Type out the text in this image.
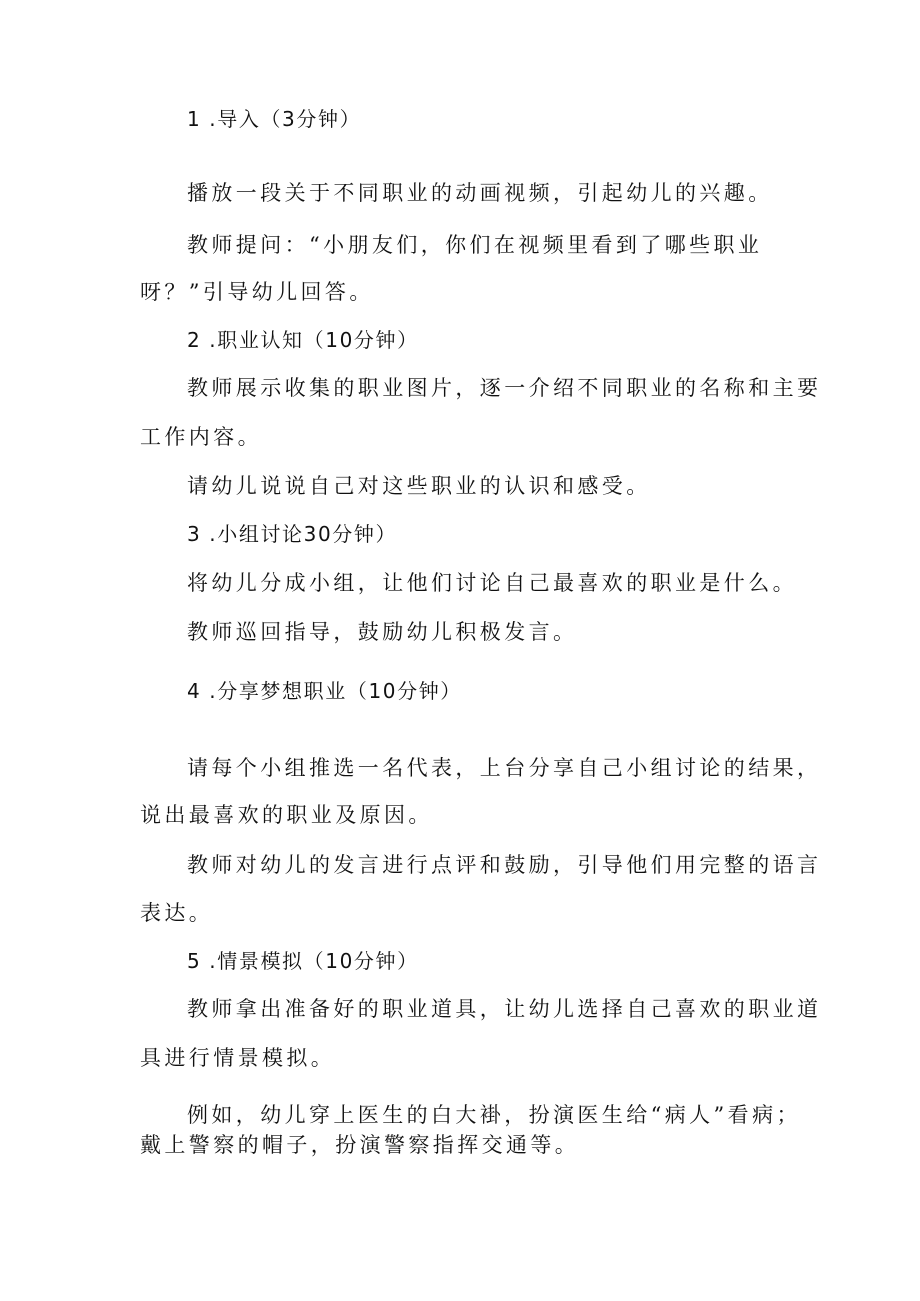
1 .导入（3分钟）
播放一段关于不同职业的动画视频，引起幼儿的兴趣。
教师提问：“小朋友们，你们在视频里看到了哪些职业
呀？”引导幼儿回答。
2 .职业认知（10分钟）
教师展示收集的职业图片，逐一介绍不同职业的名称和主要
工作内容。
请幼儿说说自己对这些职业的认识和感受。
3 .小组讨论30分钟）
将幼儿分成小组，让他们讨论自己最喜欢的职业是什么。
教师巡回指导，鼓励幼儿积极发言。
4 .分享梦想职业（10分钟）
请每个小组推选一名代表，上台分享自己小组讨论的结果，
说出最喜欢的职业及原因。
教师对幼儿的发言进行点评和鼓励，引导他们用完整的语言
表达。
5 .情景模拟（10分钟）
教师拿出准备好的职业道具，让幼儿选择自己喜欢的职业道
具进行情景模拟。
例如，幼儿穿上医生的白大褂，扮演医生给“病人”看病；
戴上警察的帽子，扮演警察指挥交通等。
